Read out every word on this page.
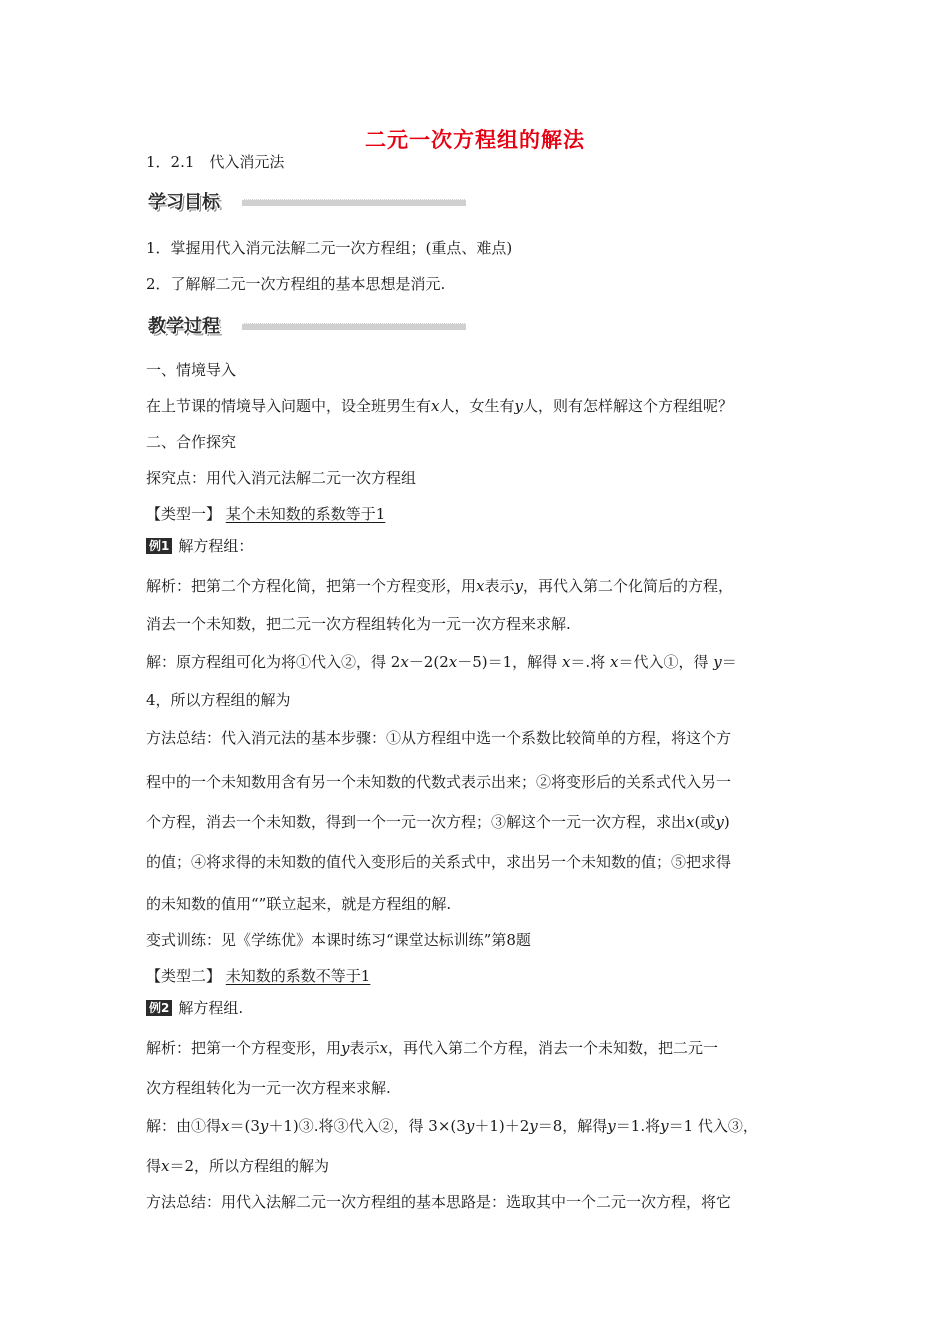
二元一次方程组的解法
1．2.1　代入消元法
学习目标
1．掌握用代入消元法解二元一次方程组；(重点、难点)
2．了解解二元一次方程组的基本思想是消元.
教学过程
一、情境导入
在上节课的情境导入问题中，设全班男生有x人，女生有y人，则有怎样解这个方程组呢？
二、合作探究
探究点：用代入消元法解二元一次方程组
【类型一】 某个未知数的系数等于1
例1 解方程组：
解析：把第二个方程化简，把第一个方程变形，用x表示y，再代入第二个化简后的方程，
消去一个未知数，把二元一次方程组转化为一元一次方程来求解.
解：原方程组可化为将①代入②，得 2x－2(2x－5)＝1，解得 x＝.将 x＝代入①，得 y＝
4，所以方程组的解为
方法总结：代入消元法的基本步骤：①从方程组中选一个系数比较简单的方程，将这个方
程中的一个未知数用含有另一个未知数的代数式表示出来；②将变形后的关系式代入另一
个方程，消去一个未知数，得到一个一元一次方程；③解这个一元一次方程，求出x(或y)
的值；④将求得的未知数的值代入变形后的关系式中，求出另一个未知数的值；⑤把求得
的未知数的值用“”联立起来，就是方程组的解.
变式训练：见《学练优》本课时练习“课堂达标训练”第8题
【类型二】 未知数的系数不等于1
例2 解方程组.
解析：把第一个方程变形，用y表示x，再代入第二个方程，消去一个未知数，把二元一
次方程组转化为一元一次方程来求解.
解：由①得x＝(3y＋1)③.将③代入②，得 3×(3y＋1)＋2y＝8，解得y＝1.将y＝1 代入③，
得x＝2，所以方程组的解为
方法总结：用代入法解二元一次方程组的基本思路是：选取其中一个二元一次方程，将它
